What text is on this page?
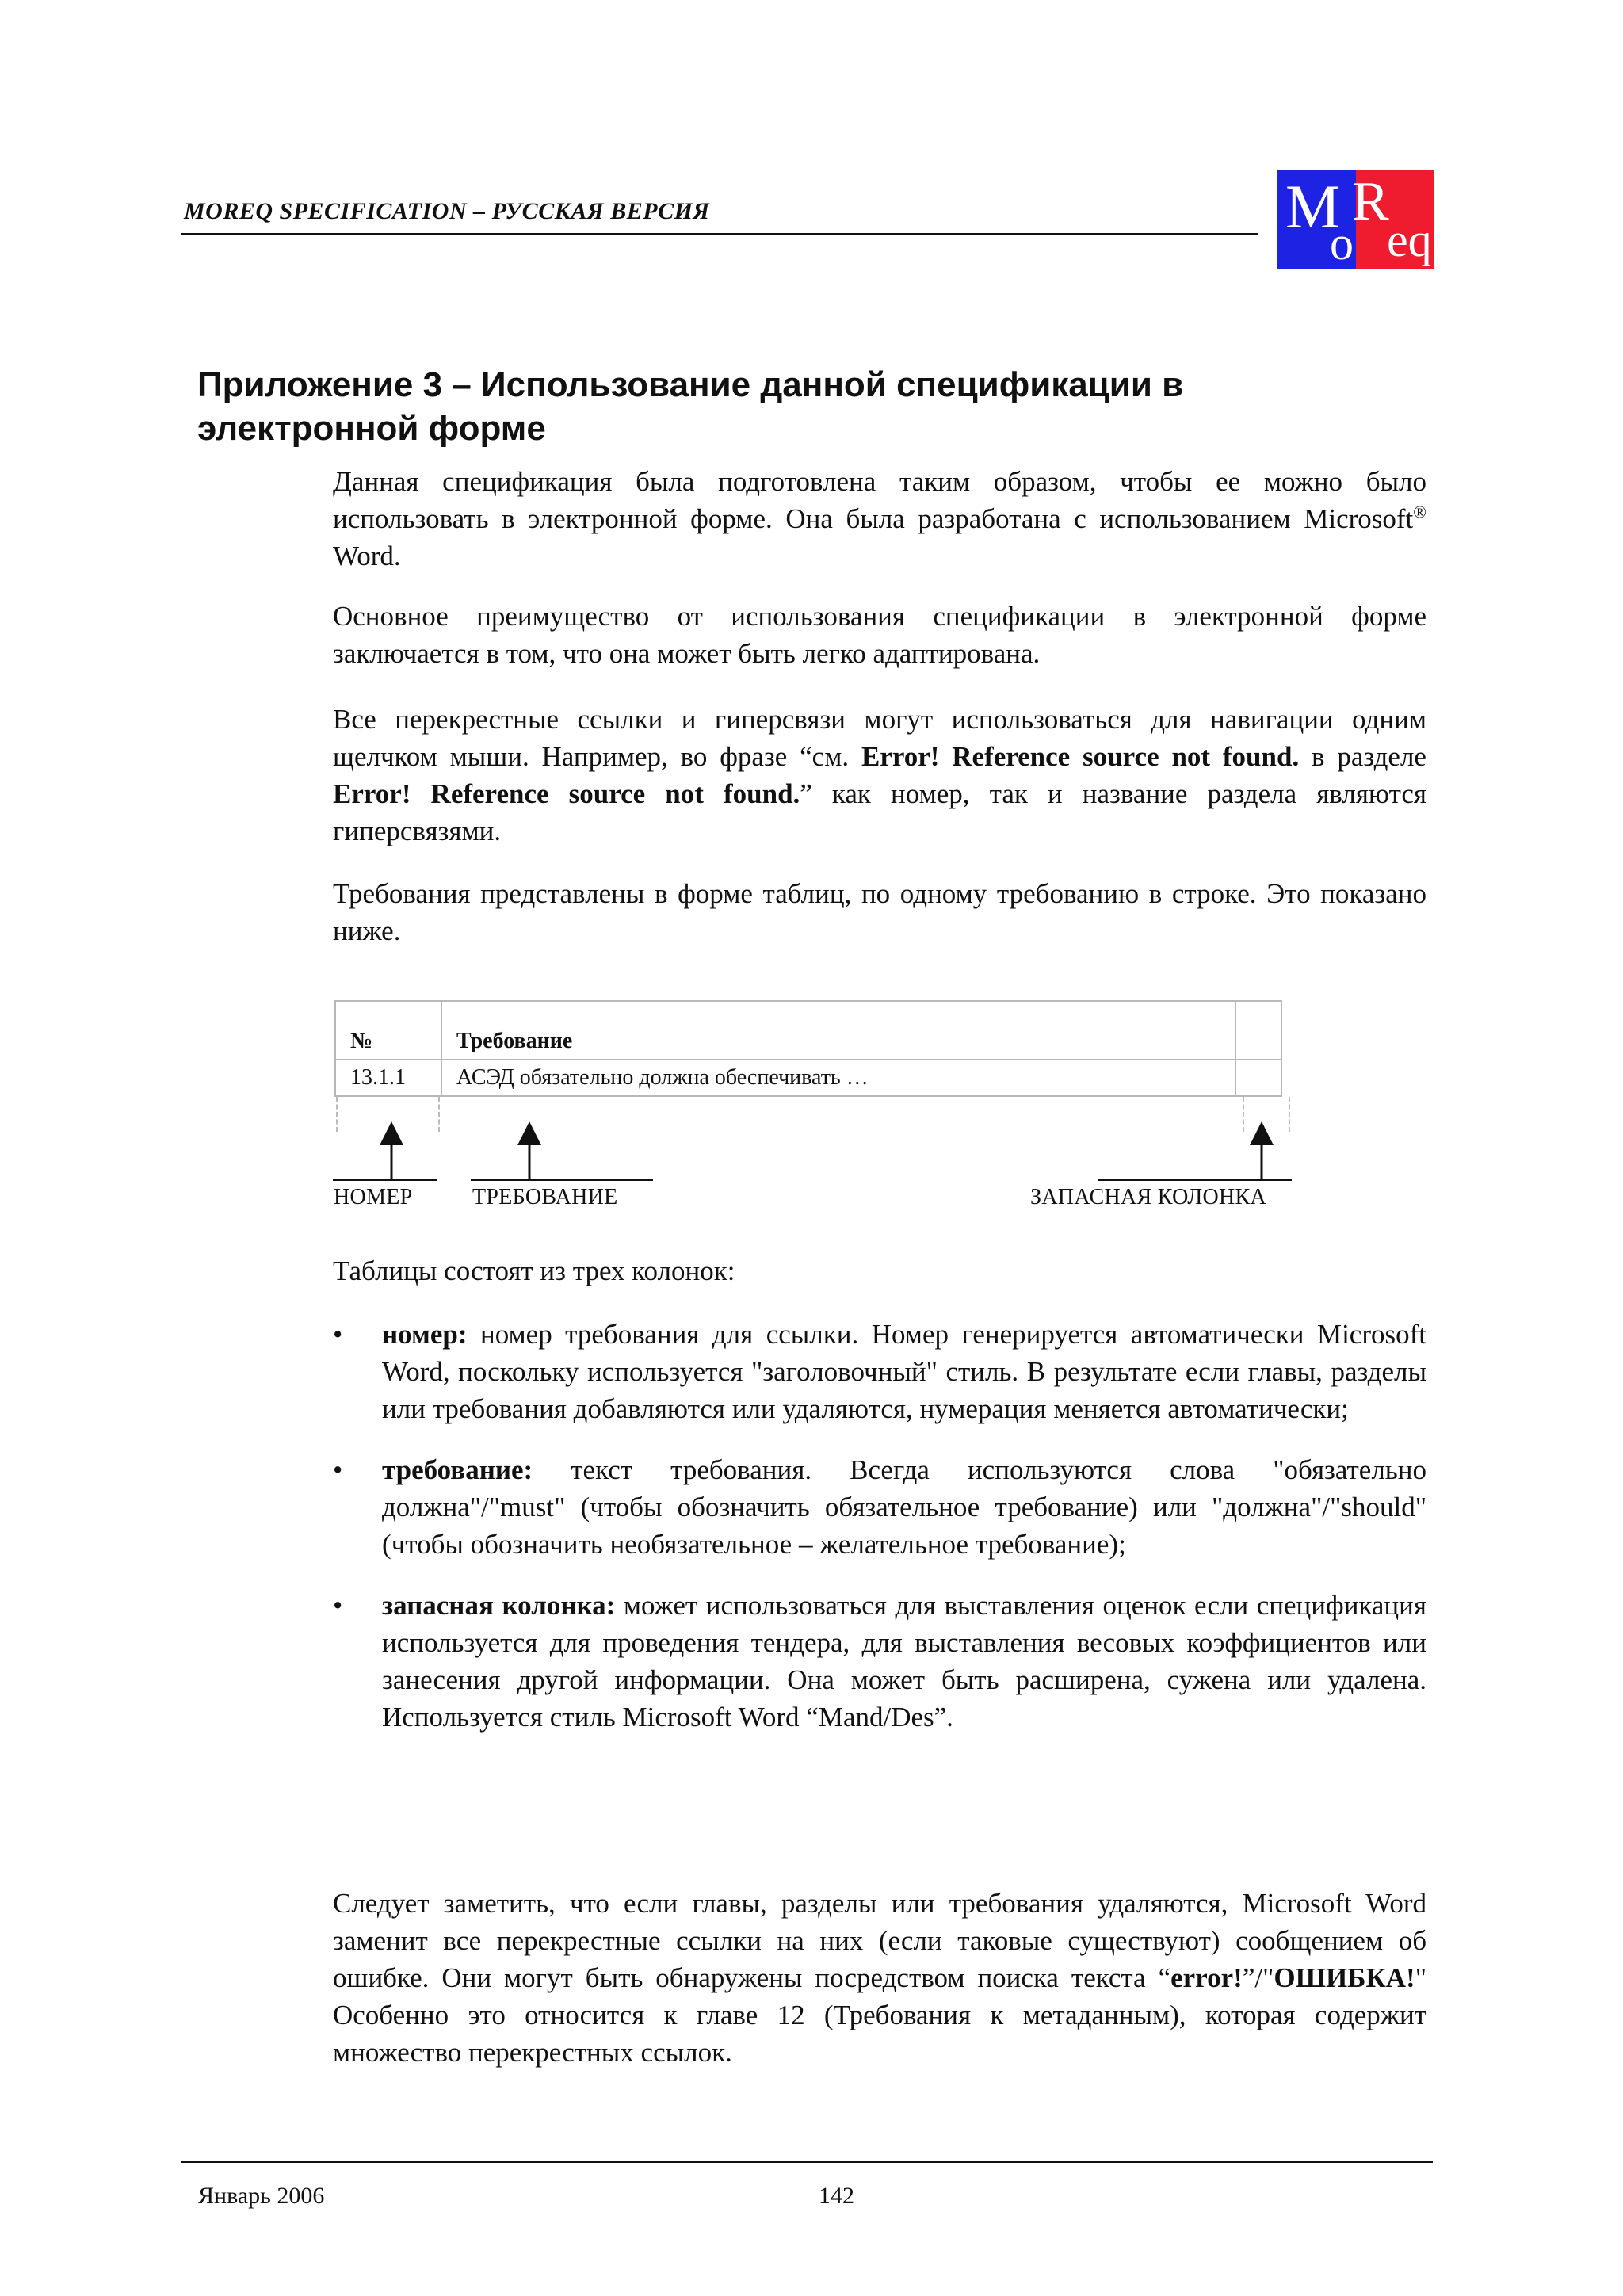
MOREQ SPECIFICATION – РУССКАЯ ВЕРСИЯ	M
o
R
eq
Приложение 3 – Использование данной спецификации в электронной форме

Данная спецификация была подготовлена таким образом, чтобы ее можно было использовать в электронной форме. Она была разработана с использованием Microsoft® Word.

Основное преимущество от использования спецификации в электронной форме заключается в том, что она может быть легко адаптирована.

Все перекрестные ссылки и гиперсвязи могут использоваться для навигации одним щелчком мыши. Например, во фразе “см. Error! Reference source not found. в разделе Error! Reference source not found.” как номер, так и название раздела являются гиперсвязями.

Требования представлены в форме таблиц, по одному требованию в строке. Это показано ниже.

№	Требование	
13.1.1	АСЭД обязательно должна обеспечивать …	
НОМЕР	ТРЕБОВАНИЕ	ЗАПАСНАЯ КОЛОНКА

Таблицы состоят из трех колонок:

• номер: номер требования для ссылки. Номер генерируется автоматически Microsoft Word, поскольку используется "заголовочный" стиль. В результате если главы, разделы или требования добавляются или удаляются, нумерация меняется автоматически;
• требование: текст требования. Всегда используются слова "обязательно должна"/"must" (чтобы обозначить обязательное требование) или "должна"/"should" (чтобы обозначить необязательное – желательное требование);
• запасная колонка: может использоваться для выставления оценок если спецификация используется для проведения тендера, для выставления весовых коэффициентов или занесения другой информации. Она может быть расширена, сужена или удалена. Используется стиль Microsoft Word “Mand/Des”.

Следует заметить, что если главы, разделы или требования удаляются, Microsoft Word заменит все перекрестные ссылки на них (если таковые существуют) сообщением об ошибке. Они могут быть обнаружены посредством поиска текста “error!”/"ОШИБКА!" Особенно это относится к главе 12 (Требования к метаданным), которая содержит множество перекрестных ссылок.

Январь 2006	142
